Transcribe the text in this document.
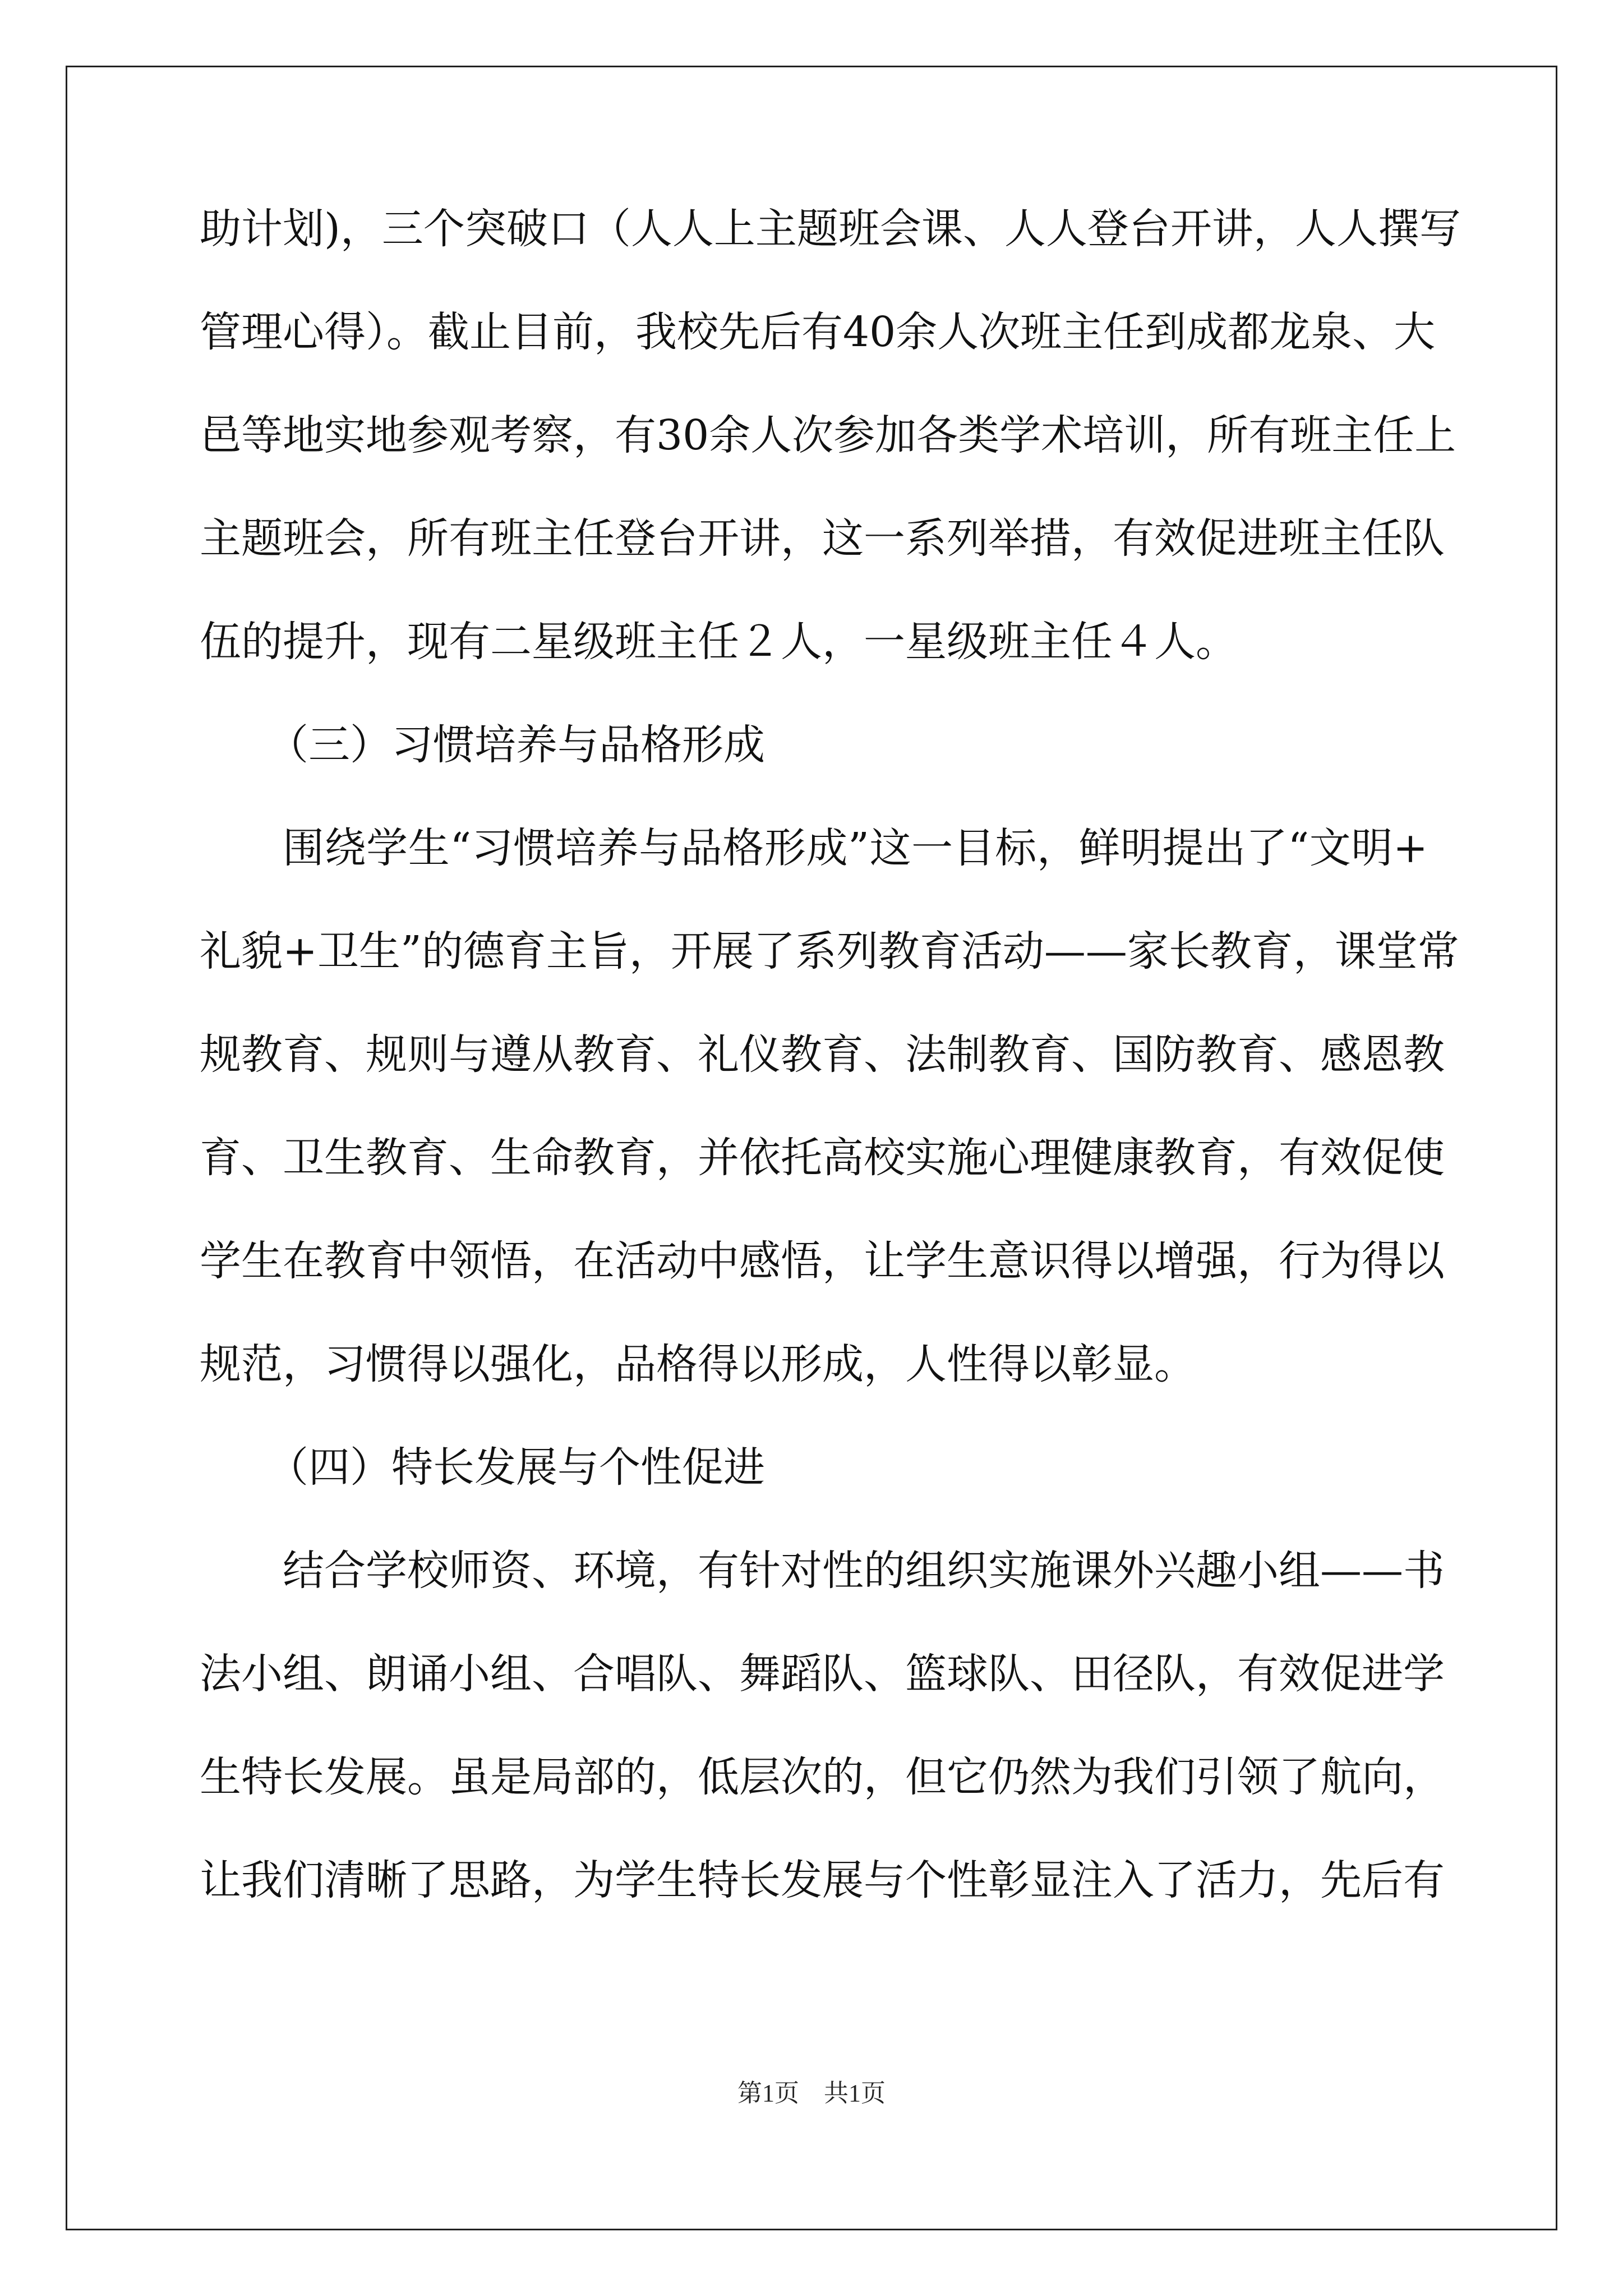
助计划)，三个突破口（人人上主题班会课、人人登台开讲，人人撰写
管理心得）。截止目前，我校先后有40余人次班主任到成都龙泉、大
邑等地实地参观考察，有30余人次参加各类学术培训，所有班主任上
主题班会，所有班主任登台开讲，这一系列举措，有效促进班主任队
伍的提升，现有二星级班主任２人，一星级班主任４人。
（三）习惯培养与品格形成
围绕学生“习惯培养与品格形成”这一目标，鲜明提出了“文明+
礼貌+卫生”的德育主旨，开展了系列教育活动——家长教育，课堂常
规教育、规则与遵从教育、礼仪教育、法制教育、国防教育、感恩教
育、卫生教育、生命教育，并依托高校实施心理健康教育，有效促使
学生在教育中领悟，在活动中感悟，让学生意识得以增强，行为得以
规范，习惯得以强化，品格得以形成，人性得以彰显。
（四）特长发展与个性促进
结合学校师资、环境，有针对性的组织实施课外兴趣小组——书
法小组、朗诵小组、合唱队、舞蹈队、篮球队、田径队，有效促进学
生特长发展。虽是局部的，低层次的，但它仍然为我们引领了航向，
让我们清晰了思路，为学生特长发展与个性彰显注入了活力，先后有
第1页　共1页
